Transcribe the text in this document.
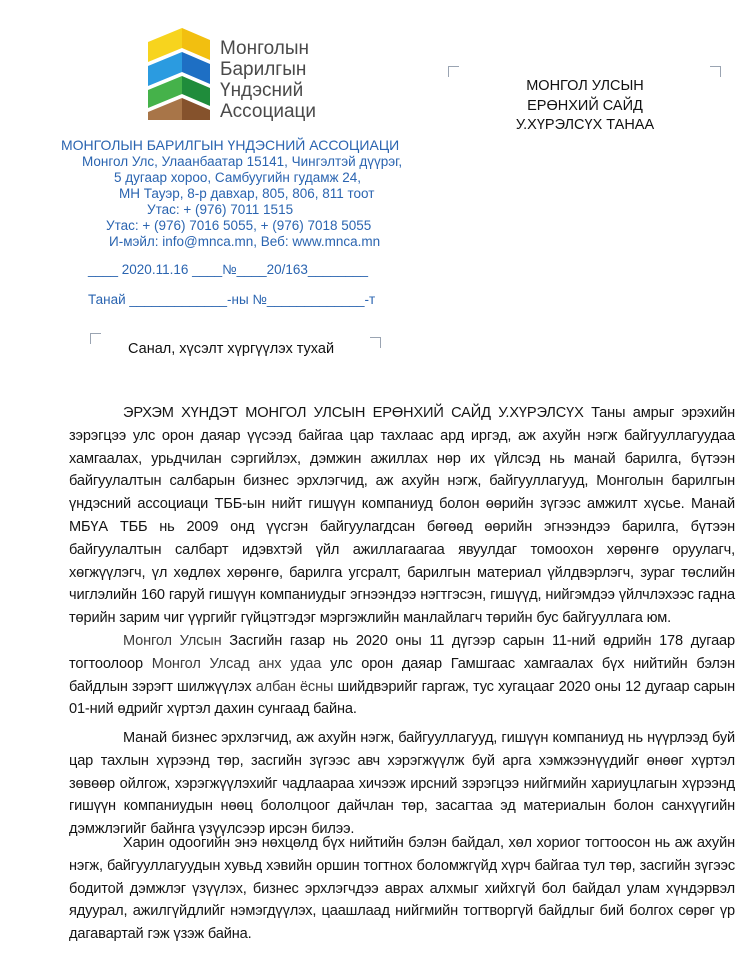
Монголын
Барилгын
Үндэсний
Ассоциаци
МОНГОЛЫН БАРИЛГЫН ҮНДЭСНИЙ АССОЦИАЦИ
Монгол Улс, Улаанбаатар 15141, Чингэлтэй дүүрэг,
5 дугаар хороо, Самбуугийн гудамж 24,
МН Тауэр, 8-р давхар, 805, 806, 811 тоот
Утас: + (976) 7011 1515
Утас: + (976) 7016 5055, + (976) 7018 5055
И-мэйл: info@mnca.mn, Веб: www.mnca.mn
____ 2020.11.16 ____№____20/163________
Танай _____________-ны №_____________-т
МОНГОЛ УЛСЫН
ЕРӨНХИЙ САЙД
У.ХҮРЭЛСҮХ ТАНАА
Санал, хүсэлт хүргүүлэх тухай
ЭРХЭМ ХҮНДЭТ МОНГОЛ УЛСЫН ЕРӨНХИЙ САЙД У.ХҮРЭЛСҮХ Таны амрыг эрэхийн зэрэгцээ улс орон даяар үүсээд байгаа цар тахлаас ард иргэд, аж ахуйн нэгж байгууллагуудаа хамгаалах, урьдчилан сэргийлэх, дэмжин ажиллах нөр их үйлсэд нь манай барилга, бүтээн байгуулалтын салбарын бизнес эрхлэгчид, аж ахуйн нэгж, байгууллагууд, Монголын барилгын үндэсний ассоциаци ТББ-ын нийт гишүүн компаниуд болон өөрийн зүгээс амжилт хүсье. Манай МБҮА ТББ нь 2009 онд үүсгэн байгуулагдсан бөгөөд өөрийн эгнээндээ барилга, бүтээн байгуулалтын салбарт идэвхтэй үйл ажиллагаагаа явуулдаг томоохон хөрөнгө оруулагч, хөгжүүлэгч, үл хөдлөх хөрөнгө, барилга угсралт, барилгын материал үйлдвэрлэгч, зураг төслийн чиглэлийн 160 гаруй гишүүн компаниудыг эгнээндээ нэгтгэсэн, гишүүд, нийгэмдээ үйлчлэхээс гадна төрийн зарим чиг үүргийг гүйцэтгэдэг мэргэжлийн манлайлагч төрийн бус байгууллага юм.
Монгол Улсын Засгийн газар нь 2020 оны 11 дүгээр сарын 11-ний өдрийн 178 дугаар тогтоолоор Монгол Улсад анх удаа улс орон даяар Гамшгаас хамгаалах бүх нийтийн бэлэн байдлын зэрэгт шилжүүлэх албан ёсны шийдвэрийг гаргаж, тус хугацааг 2020 оны 12 дугаар сарын 01-ний өдрийг хүртэл дахин сунгаад байна.
Манай бизнес эрхлэгчид, аж ахуйн нэгж, байгууллагууд, гишүүн компаниуд нь нүүрлээд буй цар тахлын хүрээнд төр, засгийн зүгээс авч хэрэгжүүлж буй арга хэмжээнүүдийг өнөөг хүртэл зөвөөр ойлгож, хэрэгжүүлэхийг чадлаараа хичээж ирсний зэрэгцээ нийгмийн хариуцлагын хүрээнд гишүүн компаниудын нөөц бололцоог дайчлан төр, засагтаа эд материалын болон санхүүгийн дэмжлэгийг байнга үзүүлсээр ирсэн билээ.
Харин одоогийн энэ нөхцөлд бүх нийтийн бэлэн байдал, хөл хориог тогтоосон нь аж ахуйн нэгж, байгууллагуудын хувьд хэвийн оршин тогтнох боломжгүйд хүрч байгаа тул төр, засгийн зүгээс бодитой дэмжлэг үзүүлэх, бизнес эрхлэгчдээ аврах алхмыг хийхгүй бол байдал улам хүндэрвэл ядуурал, ажилгүйдлийг нэмэгдүүлэх, цаашлаад нийгмийн тогтворгүй байдлыг бий болгох сөрөг үр дагавартай гэж үзэж байна.
